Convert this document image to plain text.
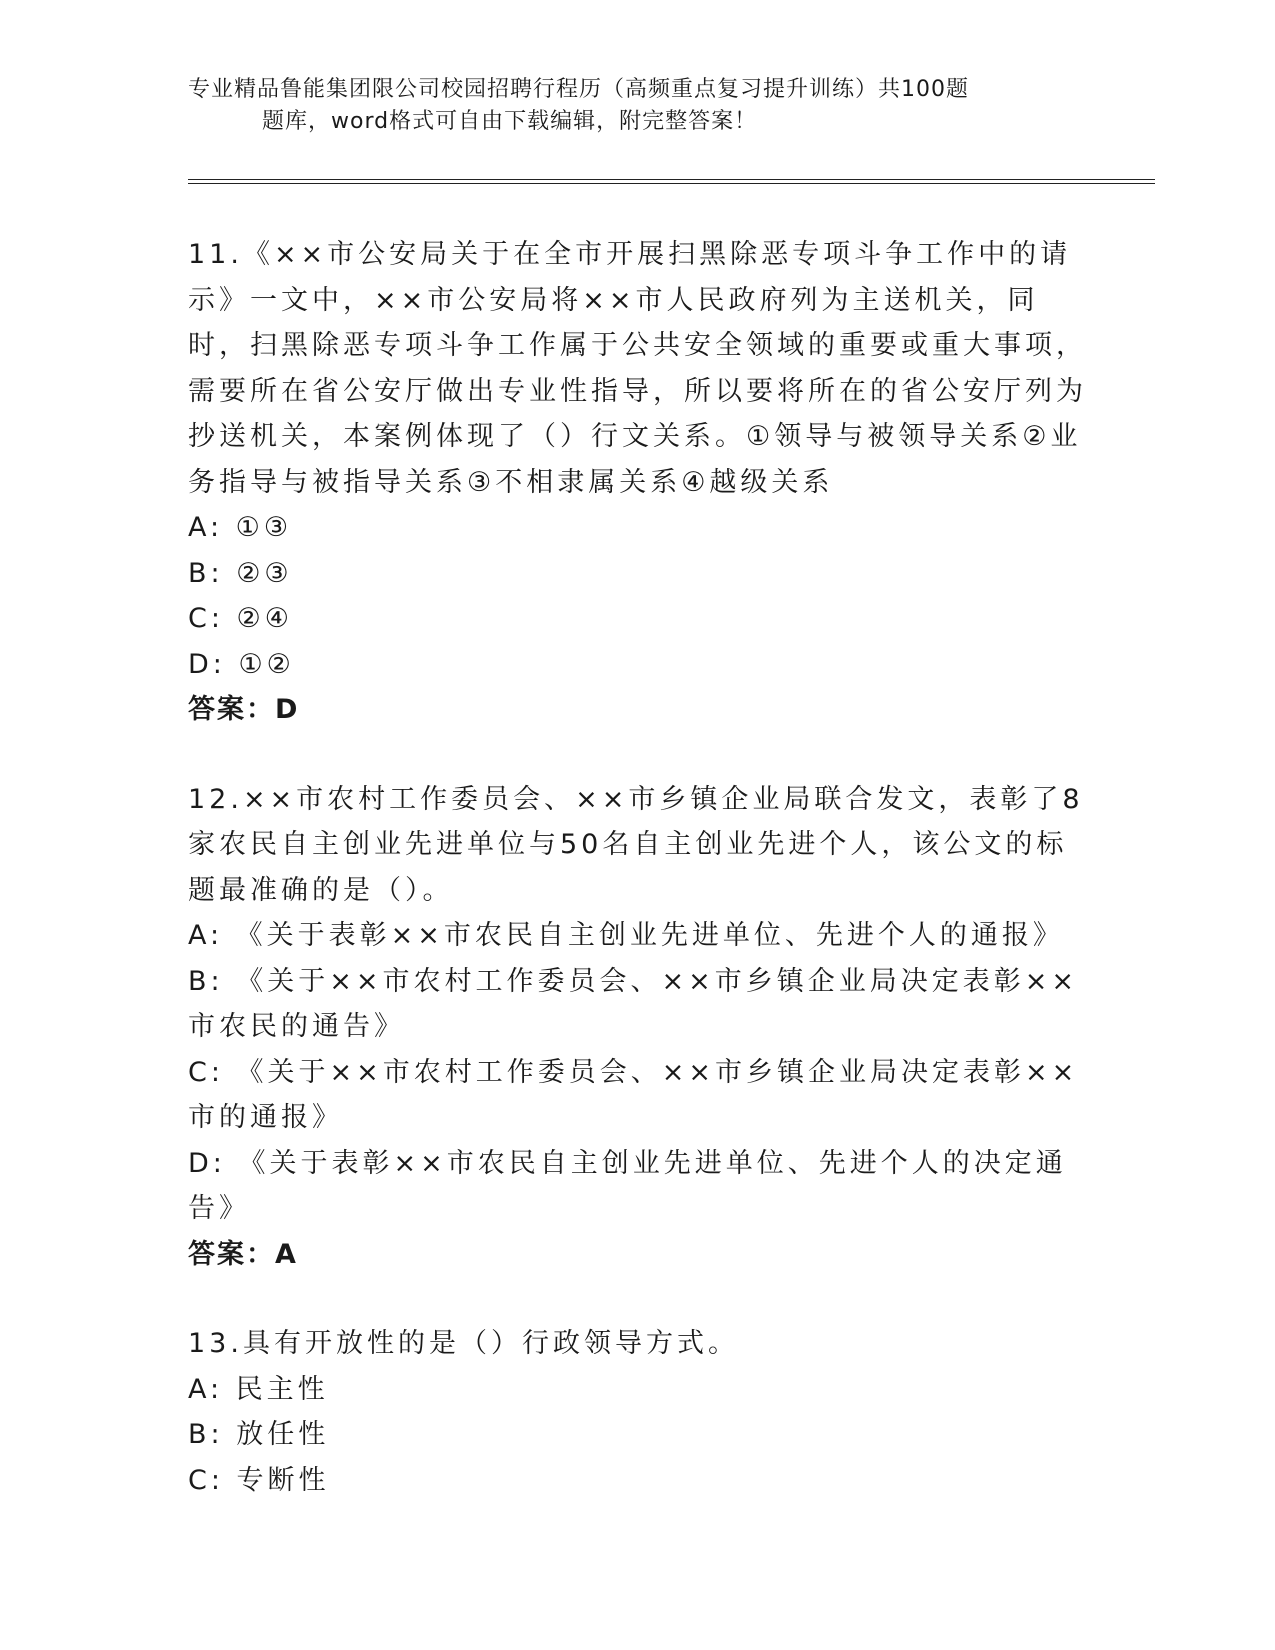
专业精品鲁能集团限公司校园招聘行程历（高频重点复习提升训练）共100题
题库，word格式可自由下载编辑，附完整答案！

11.《××市公安局关于在全市开展扫黑除恶专项斗争工作中的请示》一文中，××市公安局将××市人民政府列为主送机关，同时，扫黑除恶专项斗争工作属于公共安全领域的重要或重大事项，需要所在省公安厅做出专业性指导，所以要将所在的省公安厅列为抄送机关，本案例体现了（）行文关系。①领导与被领导关系②业务指导与被指导关系③不相隶属关系④越级关系

A: ①③

B: ②③

C: ②④

D: ①②

答案：D

12.××市农村工作委员会、××市乡镇企业局联合发文，表彰了8家农民自主创业先进单位与50名自主创业先进个人，该公文的标题最准确的是（）。

A: 《关于表彰××市农民自主创业先进单位、先进个人的通报》

B: 《关于××市农村工作委员会、××市乡镇企业局决定表彰××市农民的通告》

C: 《关于××市农村工作委员会、××市乡镇企业局决定表彰××市的通报》

D: 《关于表彰××市农民自主创业先进单位、先进个人的决定通告》

答案：A

13.具有开放性的是（）行政领导方式。

A: 民主性

B: 放任性

C: 专断性
